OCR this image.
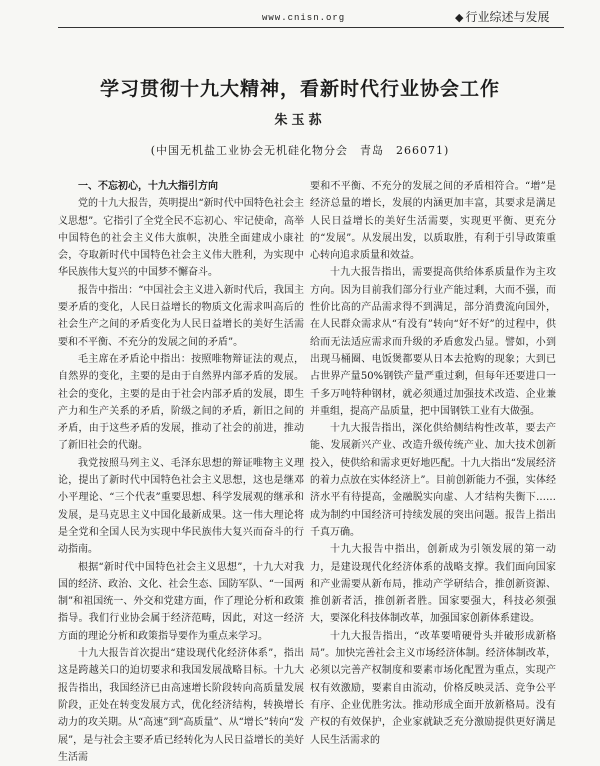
www.cnisn.org	◆ 行业综述与发展
学习贯彻十九大精神，看新时代行业协会工作
朱玉荪
(中国无机盐工业协会无机硅化物分会　青岛　266071)

一、不忘初心，十九大指引方向

党的十九大报告，英明提出“新时代中国特色社会主义思想”。它指引了全党全民不忘初心、牢记使命，高举中国特色的社会主义伟大旗帜，决胜全面建成小康社会，夺取新时代中国特色社会主义伟大胜利，为实现中华民族伟大复兴的中国梦不懈奋斗。

报告中指出：“中国社会主义进入新时代后，我国主要矛盾的变化，人民日益增长的物质文化需求叫高后的社会生产之间的矛盾变化为人民日益增长的美好生活需要和不平衡、不充分的发展之间的矛盾”。

毛主席在矛盾论中指出：按照唯物辩证法的观点，自然界的变化，主要的是由于自然界内部矛盾的发展。社会的变化，主要的是由于社会内部矛盾的发展，即生产力和生产关系的矛盾，阶级之间的矛盾，新旧之间的矛盾，由于这些矛盾的发展，推动了社会的前进，推动了新旧社会的代谢。

我党按照马列主义、毛泽东思想的辩证唯物主义理论，提出了新时代中国特色社会主义思想，这也是继邓小平理论、“三个代表”重要思想、科学发展观的继承和发展，是马克思主义中国化最新成果。这一伟大理论将是全党和全国人民为实现中华民族伟大复兴而奋斗的行动指南。

根据“新时代中国特色社会主义思想”，十九大对我国的经济、政治、文化、社会生态、国防军队、“一国两制”和祖国统一、外交和党建方面，作了理论分析和政策指导。我们行业协会属于经济范畴，因此，对这一经济方面的理论分析和政策指导要作为重点来学习。

十九大报告首次提出“建设现代化经济体系”，指出这是跨越关口的迫切要求和我国发展战略目标。十九大报告指出，我国经济已由高速增长阶段转向高质量发展阶段，正处在转变发展方式，优化经济结构，转换增长动力的攻关期。从“高速”到“高质量”、从“增长”转向“发展”，是与社会主要矛盾已经转化为人民日益增长的美好生活需

要和不平衡、不充分的发展之间的矛盾相符合。“增”是经济总量的增长，发展的内涵更加丰富，其要求是满足人民日益增长的美好生活需要，实现更平衡、更充分的“发展”。从发展出发，以质取胜，有利于引导政策重心转向追求质量和效益。

十九大报告指出，需要提高供给体系质量作为主攻方向。因为目前我们部分行业产能过剩，大而不强，而性价比高的产品需求得不到满足，部分消费流向国外，在人民群众需求从“有没有”转向“好不好”的过程中，供给而无法适应需求而升级的矛盾愈发凸显。譬如，小到出现马桶圈、电饭煲都要从日本去抢购的现象；大到已占世界产量50%钢铁产量严重过剩，但每年还要进口一千多万吨特种钢材，就必须通过加强技术改造、企业兼并重组，提高产品质量，把中国钢铁工业有大做强。

十九大报告指出，深化供给侧结构性改革，要去产能、发展新兴产业、改造升级传统产业、加大技术创新投入，使供给和需求更好地匹配。十九大指出“发展经济的着力点放在实体经济上”。目前创新能力不强，实体经济水平有待提高，金融脱实向虚、人才结构失衡下……成为制约中国经济可持续发展的突出问题。报告上指出千真万确。

十九大报告中指出，创新成为引领发展的第一动力，是建设现代化经济体系的战略支撑。我们面向国家和产业需要从新布局，推动产学研结合，推创新资源、推创新者活，推创新者胜。国家要强大，科技必须强大，要深化科技体制改革，加强国家创新体系建设。

十九大报告指出，“改革要啃硬骨头并破形成新格局”。加快完善社会主义市场经济体制。经济体制改革，必须以完善产权制度和要素市场化配置为重点，实现产权有效激励，要素自由流动，价格反映灵活、竞争公平有序、企业优胜劣汰。推动形成全面开放新格局。没有产权的有效保护，企业家就缺乏充分激励提供更好满足人民生活需求的
